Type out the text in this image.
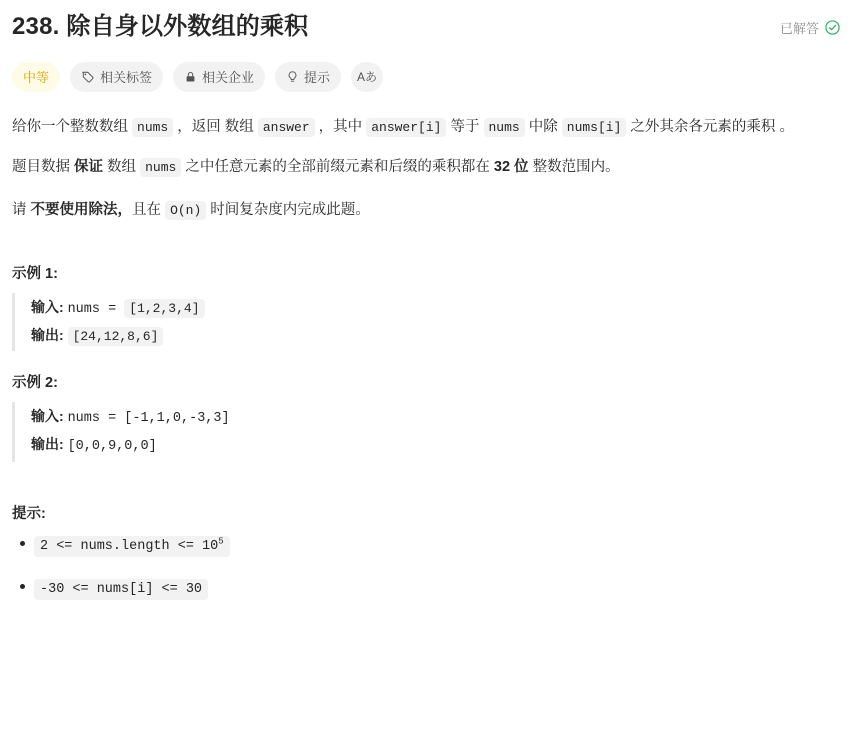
238. 除自身以外数组的乘积	已解答
中等	相关标签	相关企业	提示 Aあ

给你一个整数数组 nums ，返回 数组 answer ，其中 answer[i] 等于 nums 中除 nums[i] 之外其余各元素的乘积 。

题目数据 保证 数组 nums 之中任意元素的全部前缀元素和后缀的乘积都在 32 位 整数范围内。

请 不要使用除法，且在 O(n) 时间复杂度内完成此题。

示例 1:
输入: nums = [1,2,3,4]
输出: [24,12,8,6]
示例 2:
输入: nums = [-1,1,0,-3,3]
输出: [0,0,9,0,0]
提示:
2 <= nums.length <= $10^5$
-30 <= nums[i] <= 30
